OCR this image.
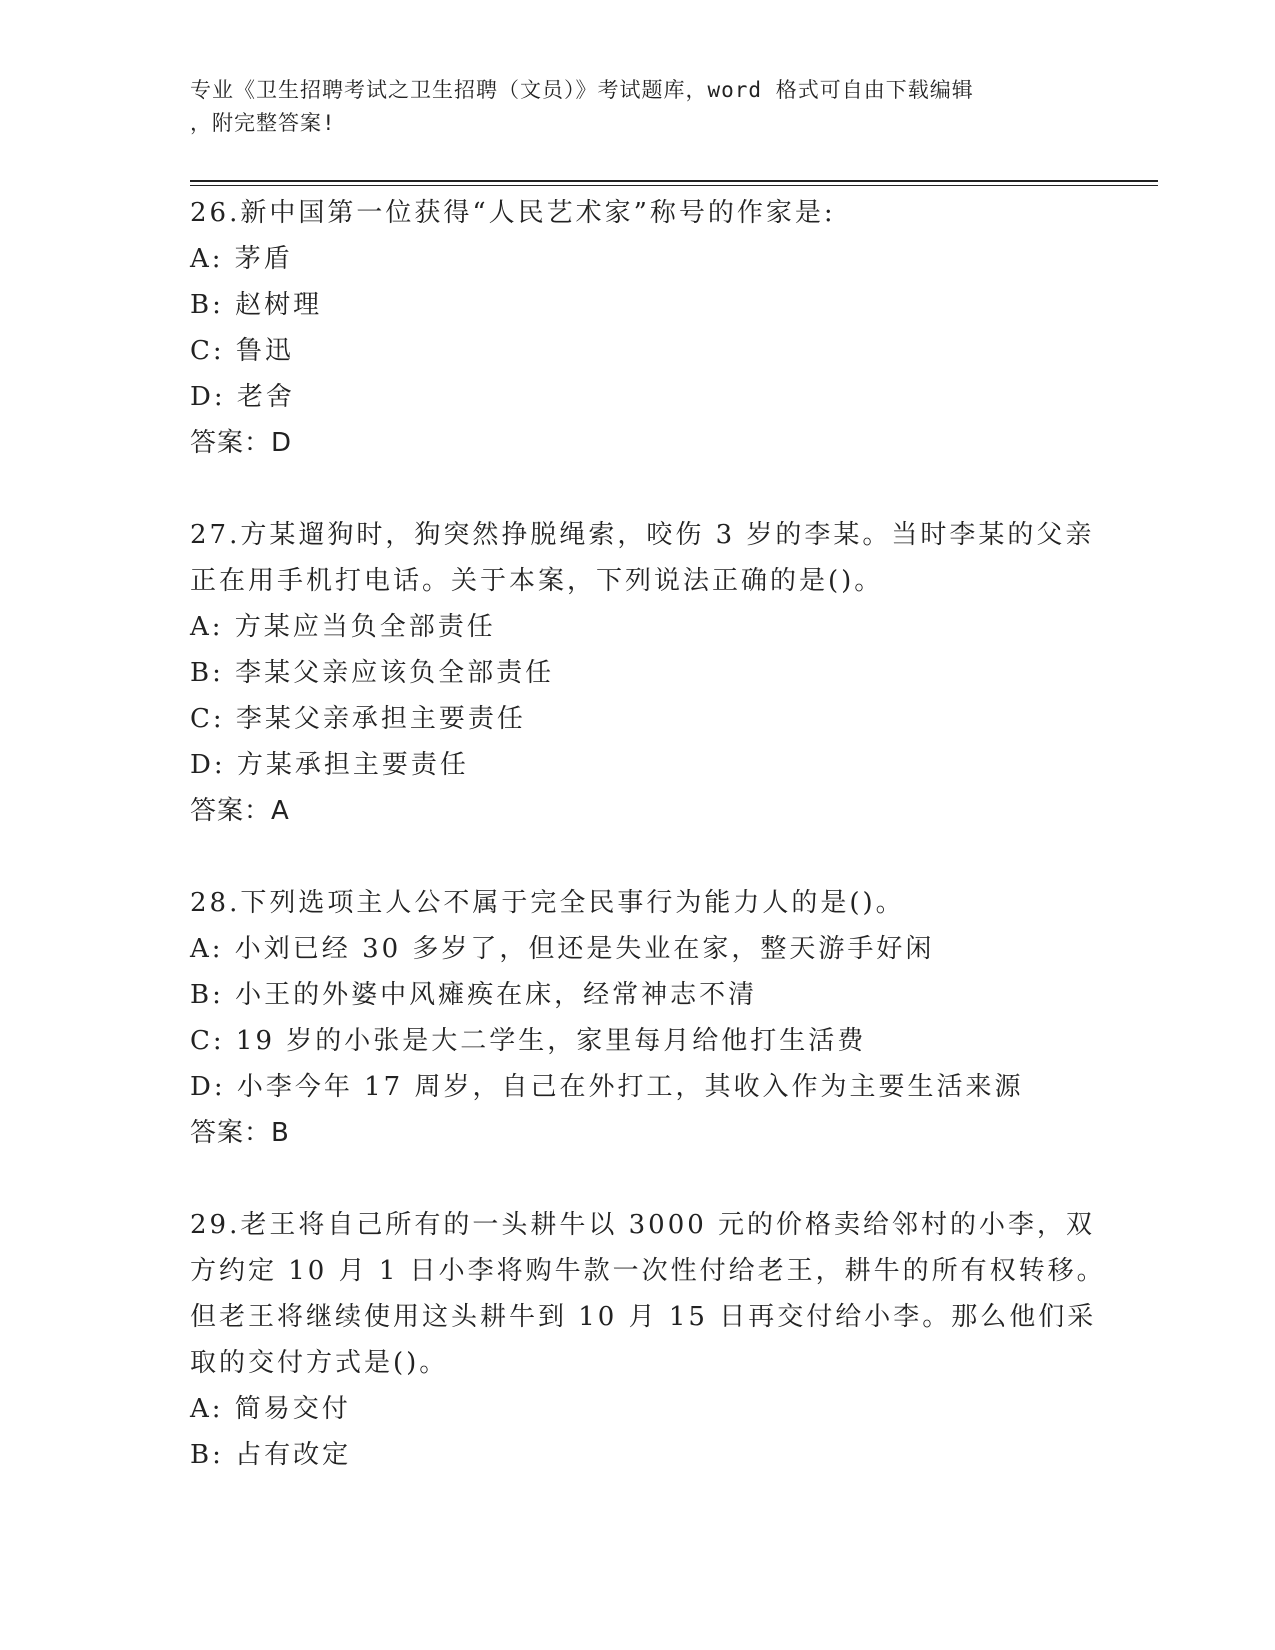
专业《卫生招聘考试之卫生招聘（文员）》考试题库，word 格式可自由下载编辑
，附完整答案!
26.新中国第一位获得“人民艺术家”称号的作家是:
A: 茅盾
B: 赵树理
C: 鲁迅
D: 老舍
答案：D
27.方某遛狗时，狗突然挣脱绳索，咬伤 3 岁的李某。当时李某的父亲
正在用手机打电话。关于本案，下列说法正确的是()。
A: 方某应当负全部责任
B: 李某父亲应该负全部责任
C: 李某父亲承担主要责任
D: 方某承担主要责任
答案：A
28.下列选项主人公不属于完全民事行为能力人的是()。
A: 小刘已经 30 多岁了，但还是失业在家，整天游手好闲
B: 小王的外婆中风瘫痪在床，经常神志不清
C: 19 岁的小张是大二学生，家里每月给他打生活费
D: 小李今年 17 周岁，自己在外打工，其收入作为主要生活来源
答案：B
29.老王将自己所有的一头耕牛以 3000 元的价格卖给邻村的小李，双
方约定 10 月 1 日小李将购牛款一次性付给老王，耕牛的所有权转移。
但老王将继续使用这头耕牛到 10 月 15 日再交付给小李。那么他们采
取的交付方式是()。
A: 简易交付
B: 占有改定
